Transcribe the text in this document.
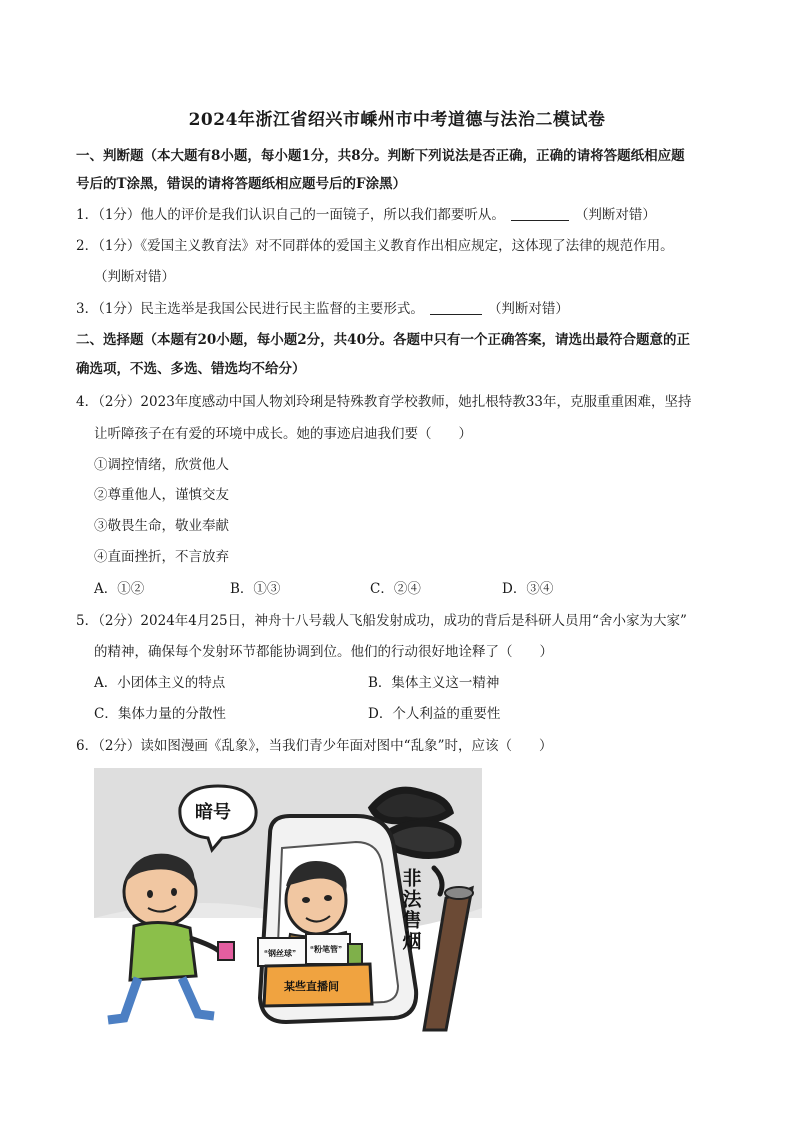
2024年浙江省绍兴市嵊州市中考道德与法治二模试卷
一、判断题（本大题有8小题，每小题1分，共8分。判断下列说法是否正确，正确的请将答题纸相应题
号后的T涂黑，错误的请将答题纸相应题号后的F涂黑）
1．（1分）他人的评价是我们认识自己的一面镜子，所以我们都要听从。	（判断对错）
2．（1分）《爱国主义教育法》对不同群体的爱国主义教育作出相应规定，这体现了法律的规范作用。
（判断对错）
3．（1分）民主选举是我国公民进行民主监督的主要形式。	（判断对错）
二、选择题（本题有20小题，每小题2分，共40分。各题中只有一个正确答案，请选出最符合题意的正
确选项，不选、多选、错选均不给分）
4．（2分）2023年度感动中国人物刘玲琍是特殊教育学校教师，她扎根特教33年，克服重重困难，坚持
让听障孩子在有爱的环境中成长。她的事迹启迪我们要（　　）
①调控情绪，欣赏他人
②尊重他人，谨慎交友
③敬畏生命，敬业奉献
④直面挫折，不言放弃
A．①②	B．①③	C．②④	D．③④
5．（2分）2024年4月25日，神舟十八号载人飞船发射成功，成功的背后是科研人员用“舍小家为大家”
的精神，确保每个发射环节都能协调到位。他们的行动很好地诠释了（　　）
A．小团体主义的特点	B．集体主义这一精神
C．集体力量的分散性	D．个人利益的重要性
6．（2分）读如图漫画《乱象》，当我们青少年面对图中“乱象”时，应该（　　）
非法售烟
“钢丝球” “粉笔管”
某些直播间
暗号
